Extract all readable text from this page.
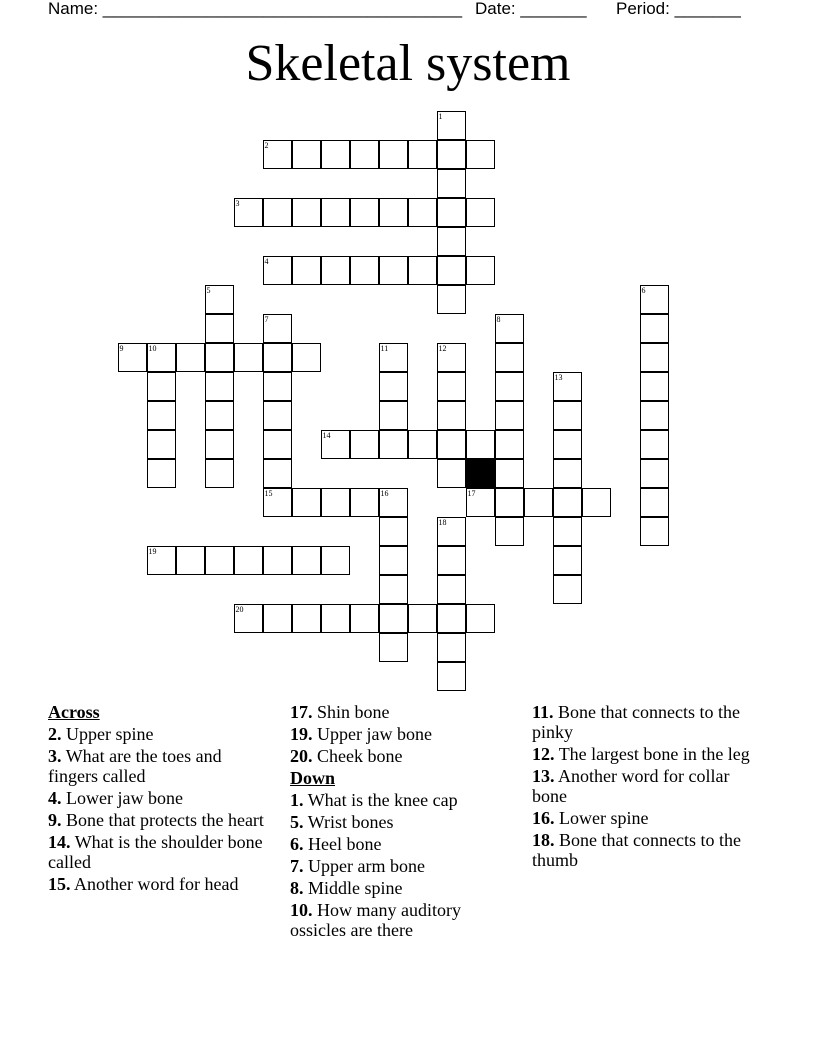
Name: ______________________________________ Date: _______ Period: _______
Skeletal system
1
2
3
4
5	6
7	8
9	10	11	12
13
14
15	16	17
18
19
20
Across
2. Upper spine
3. What are the toes and fingers called
4. Lower jaw bone
9. Bone that protects the heart
14. What is the shoulder bone called
15. Another word for head
17. Shin bone
19. Upper jaw bone
20. Cheek bone
Down
1. What is the knee cap
5. Wrist bones
6. Heel bone
7. Upper arm bone
8. Middle spine
10. How many auditory ossicles are there
11. Bone that connects to the pinky
12. The largest bone in the leg
13. Another word for collar bone
16. Lower spine
18. Bone that connects to the thumb
